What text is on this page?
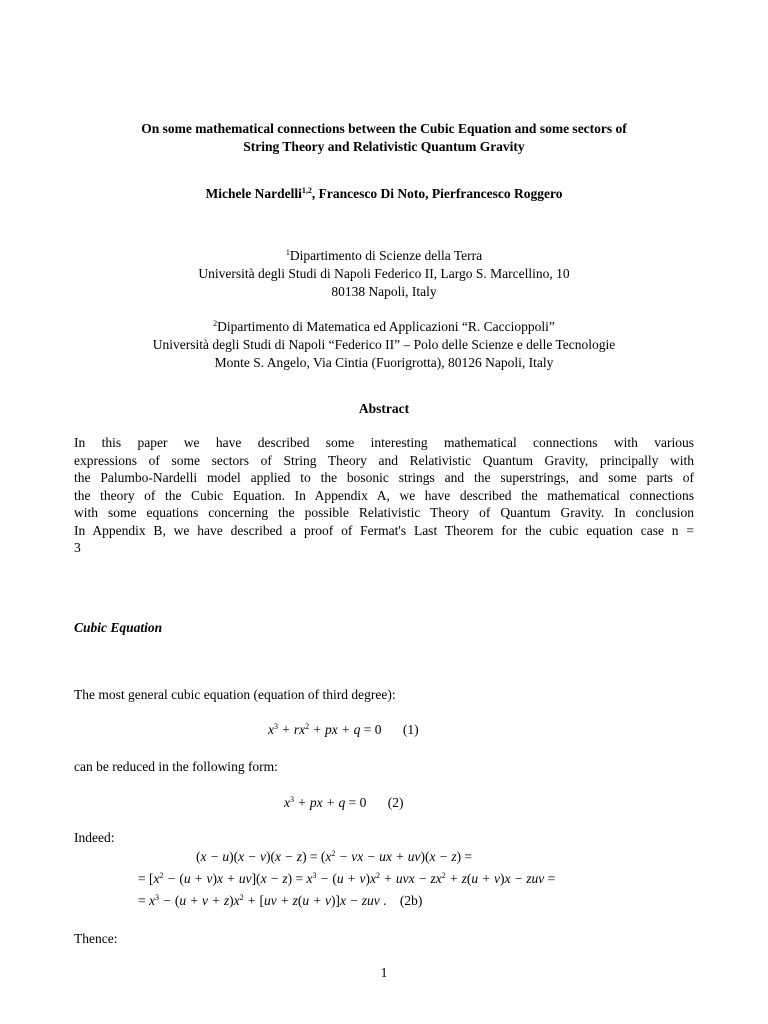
On some mathematical connections between the Cubic Equation and some sectors of
String Theory and Relativistic Quantum Gravity
Michele Nardelli$^{1,2}$, Francesco Di Noto, Pierfrancesco Roggero
$^1$Dipartimento di Scienze della Terra
Università degli Studi di Napoli Federico II, Largo S. Marcellino, 10
80138 Napoli, Italy
$^2$Dipartimento di Matematica ed Applicazioni “R. Caccioppoli”
Università degli Studi di Napoli “Federico II” – Polo delle Scienze e delle Tecnologie
Monte S. Angelo, Via Cintia (Fuorigrotta), 80126 Napoli, Italy
Abstract
In this paper we have described some interesting mathematical connections with various
expressions of some sectors of String Theory and Relativistic Quantum Gravity, principally with
the Palumbo-Nardelli model applied to the bosonic strings and the superstrings, and some parts of
the theory of the Cubic Equation. In Appendix A, we have described the mathematical connections
with some equations concerning the possible Relativistic Theory of Quantum Gravity. In conclusion
In Appendix B, we have described a proof of Fermat's Last Theorem for the cubic equation case n =
3
Cubic Equation
The most general cubic equation (equation of third degree):
$x^3 + rx^2$ + px + q = 0 (1)
can be reduced in the following form:
$x^3$ + px + q = 0 (2)
Indeed:
$(x - u)(x - v)(x - z) = (x^2$ − vx − ux + uv)(x − z) =
= $[x^2 - (u + v)x + uv](x - z) = x^3 - (u + v)x^2$ + uvx − $zx^2 + z(u + v)x$ − zuv =
= $x^3 - (u + v + z)x^2 + [uv + z(u + v)]x$ − zuv . (2b)
Thence:
1
